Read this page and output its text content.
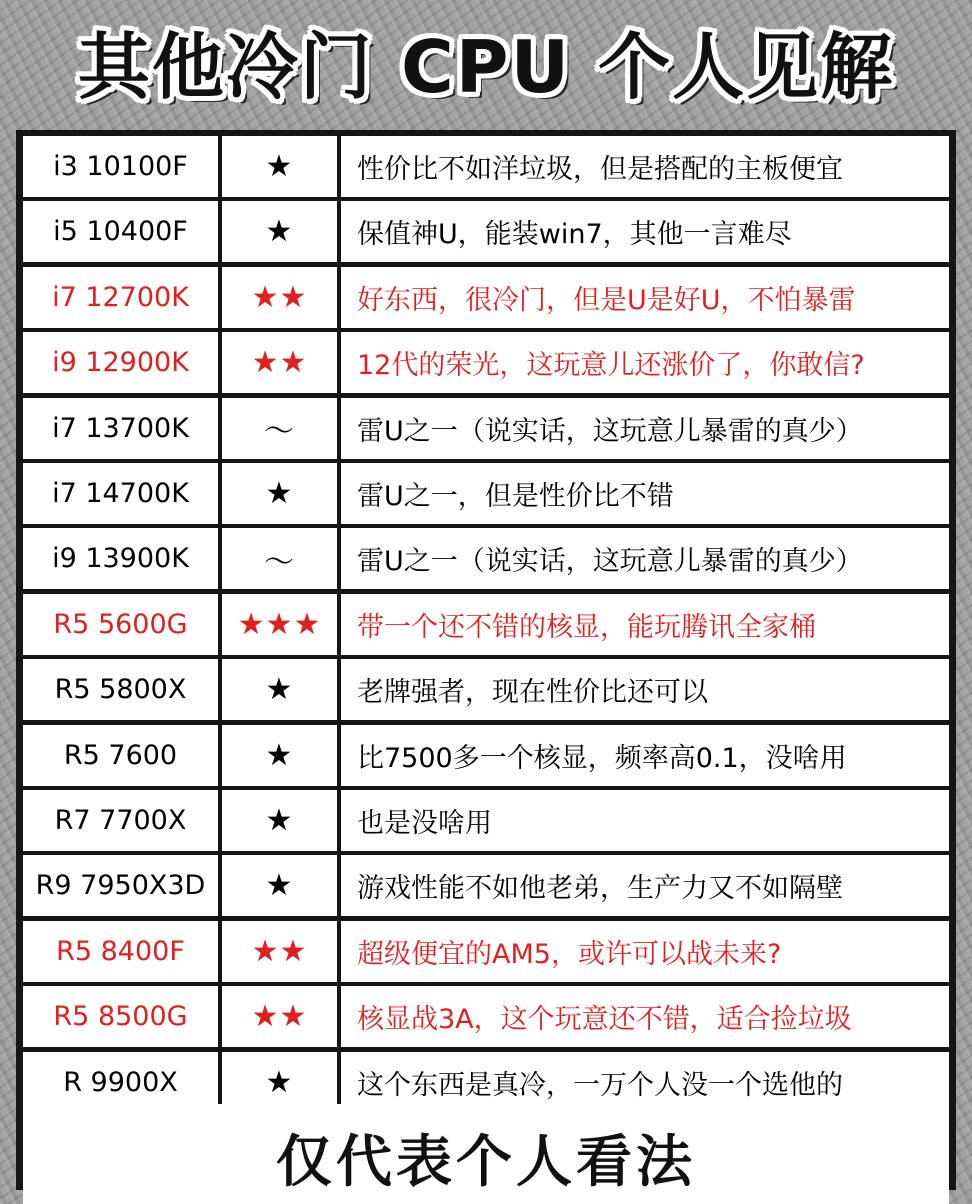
其他冷门 CPU 个人见解
i3 10100F	★	性价比不如洋垃圾，但是搭配的主板便宜
i5 10400F	★	保值神U，能装win7，其他一言难尽
i7 12700K	★★	好东西，很冷门，但是U是好U，不怕暴雷
i9 12900K	★★	12代的荣光，这玩意儿还涨价了，你敢信?
i7 13700K	～	雷U之一（说实话，这玩意儿暴雷的真少）
i7 14700K	★	雷U之一，但是性价比不错
i9 13900K	～	雷U之一（说实话，这玩意儿暴雷的真少）
R5 5600G	★★★	带一个还不错的核显，能玩腾讯全家桶
R5 5800X	★	老牌强者，现在性价比还可以
R5 7600	★	比7500多一个核显，频率高0.1，没啥用
R7 7700X	★	也是没啥用
R9 7950X3D	★	游戏性能不如他老弟，生产力又不如隔壁
R5 8400F	★★	超级便宜的AM5，或许可以战未来?
R5 8500G	★★	核显战3A，这个玩意还不错，适合捡垃圾
R 9900X	★	这个东西是真冷，一万个人没一个选他的
仅代表个人看法
